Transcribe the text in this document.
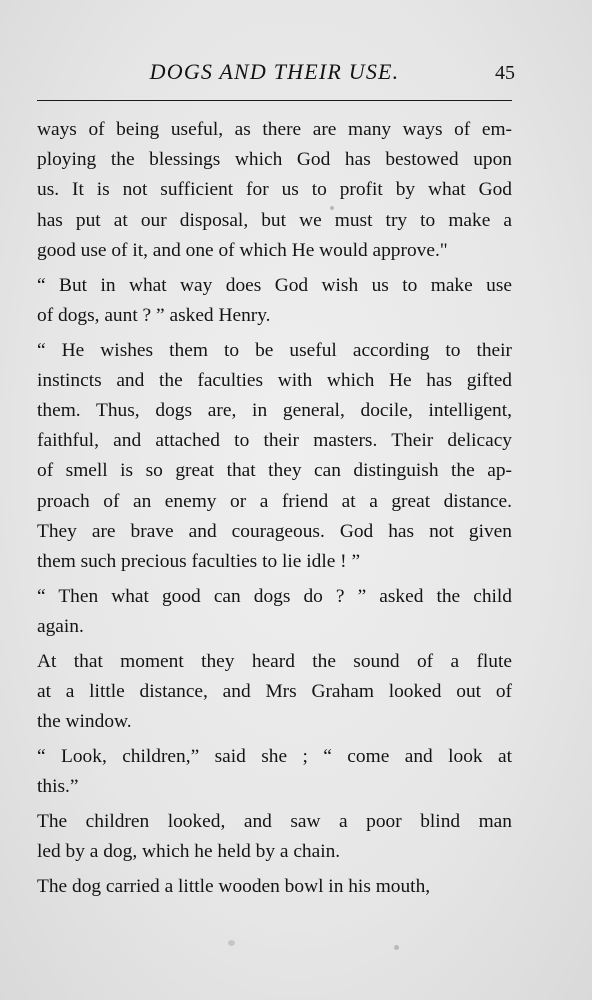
DOGS AND THEIR USE.	45

ways of being useful, as there are many ways of em-
ploying the blessings which God has bestowed upon
us. It is not sufficient for us to profit by what God
has put at our disposal, but we must try to make a
good use of it, and one of which He would approve."

“ But in what way does God wish us to make use
of dogs, aunt ? ” asked Henry.

“ He wishes them to be useful according to their
instincts and the faculties with which He has gifted
them. Thus, dogs are, in general, docile, intelligent,
faithful, and attached to their masters. Their delicacy
of smell is so great that they can distinguish the ap-
proach of an enemy or a friend at a great distance.
They are brave and courageous. God has not given
them such precious faculties to lie idle ! ”

“ Then what good can dogs do ? ” asked the child
again.

At that moment they heard the sound of a flute
at a little distance, and Mrs Graham looked out of
the window.

“ Look, children,” said she ; “ come and look at
this.”

The children looked, and saw a poor blind man
led by a dog, which he held by a chain.

The dog carried a little wooden bowl in his mouth,
